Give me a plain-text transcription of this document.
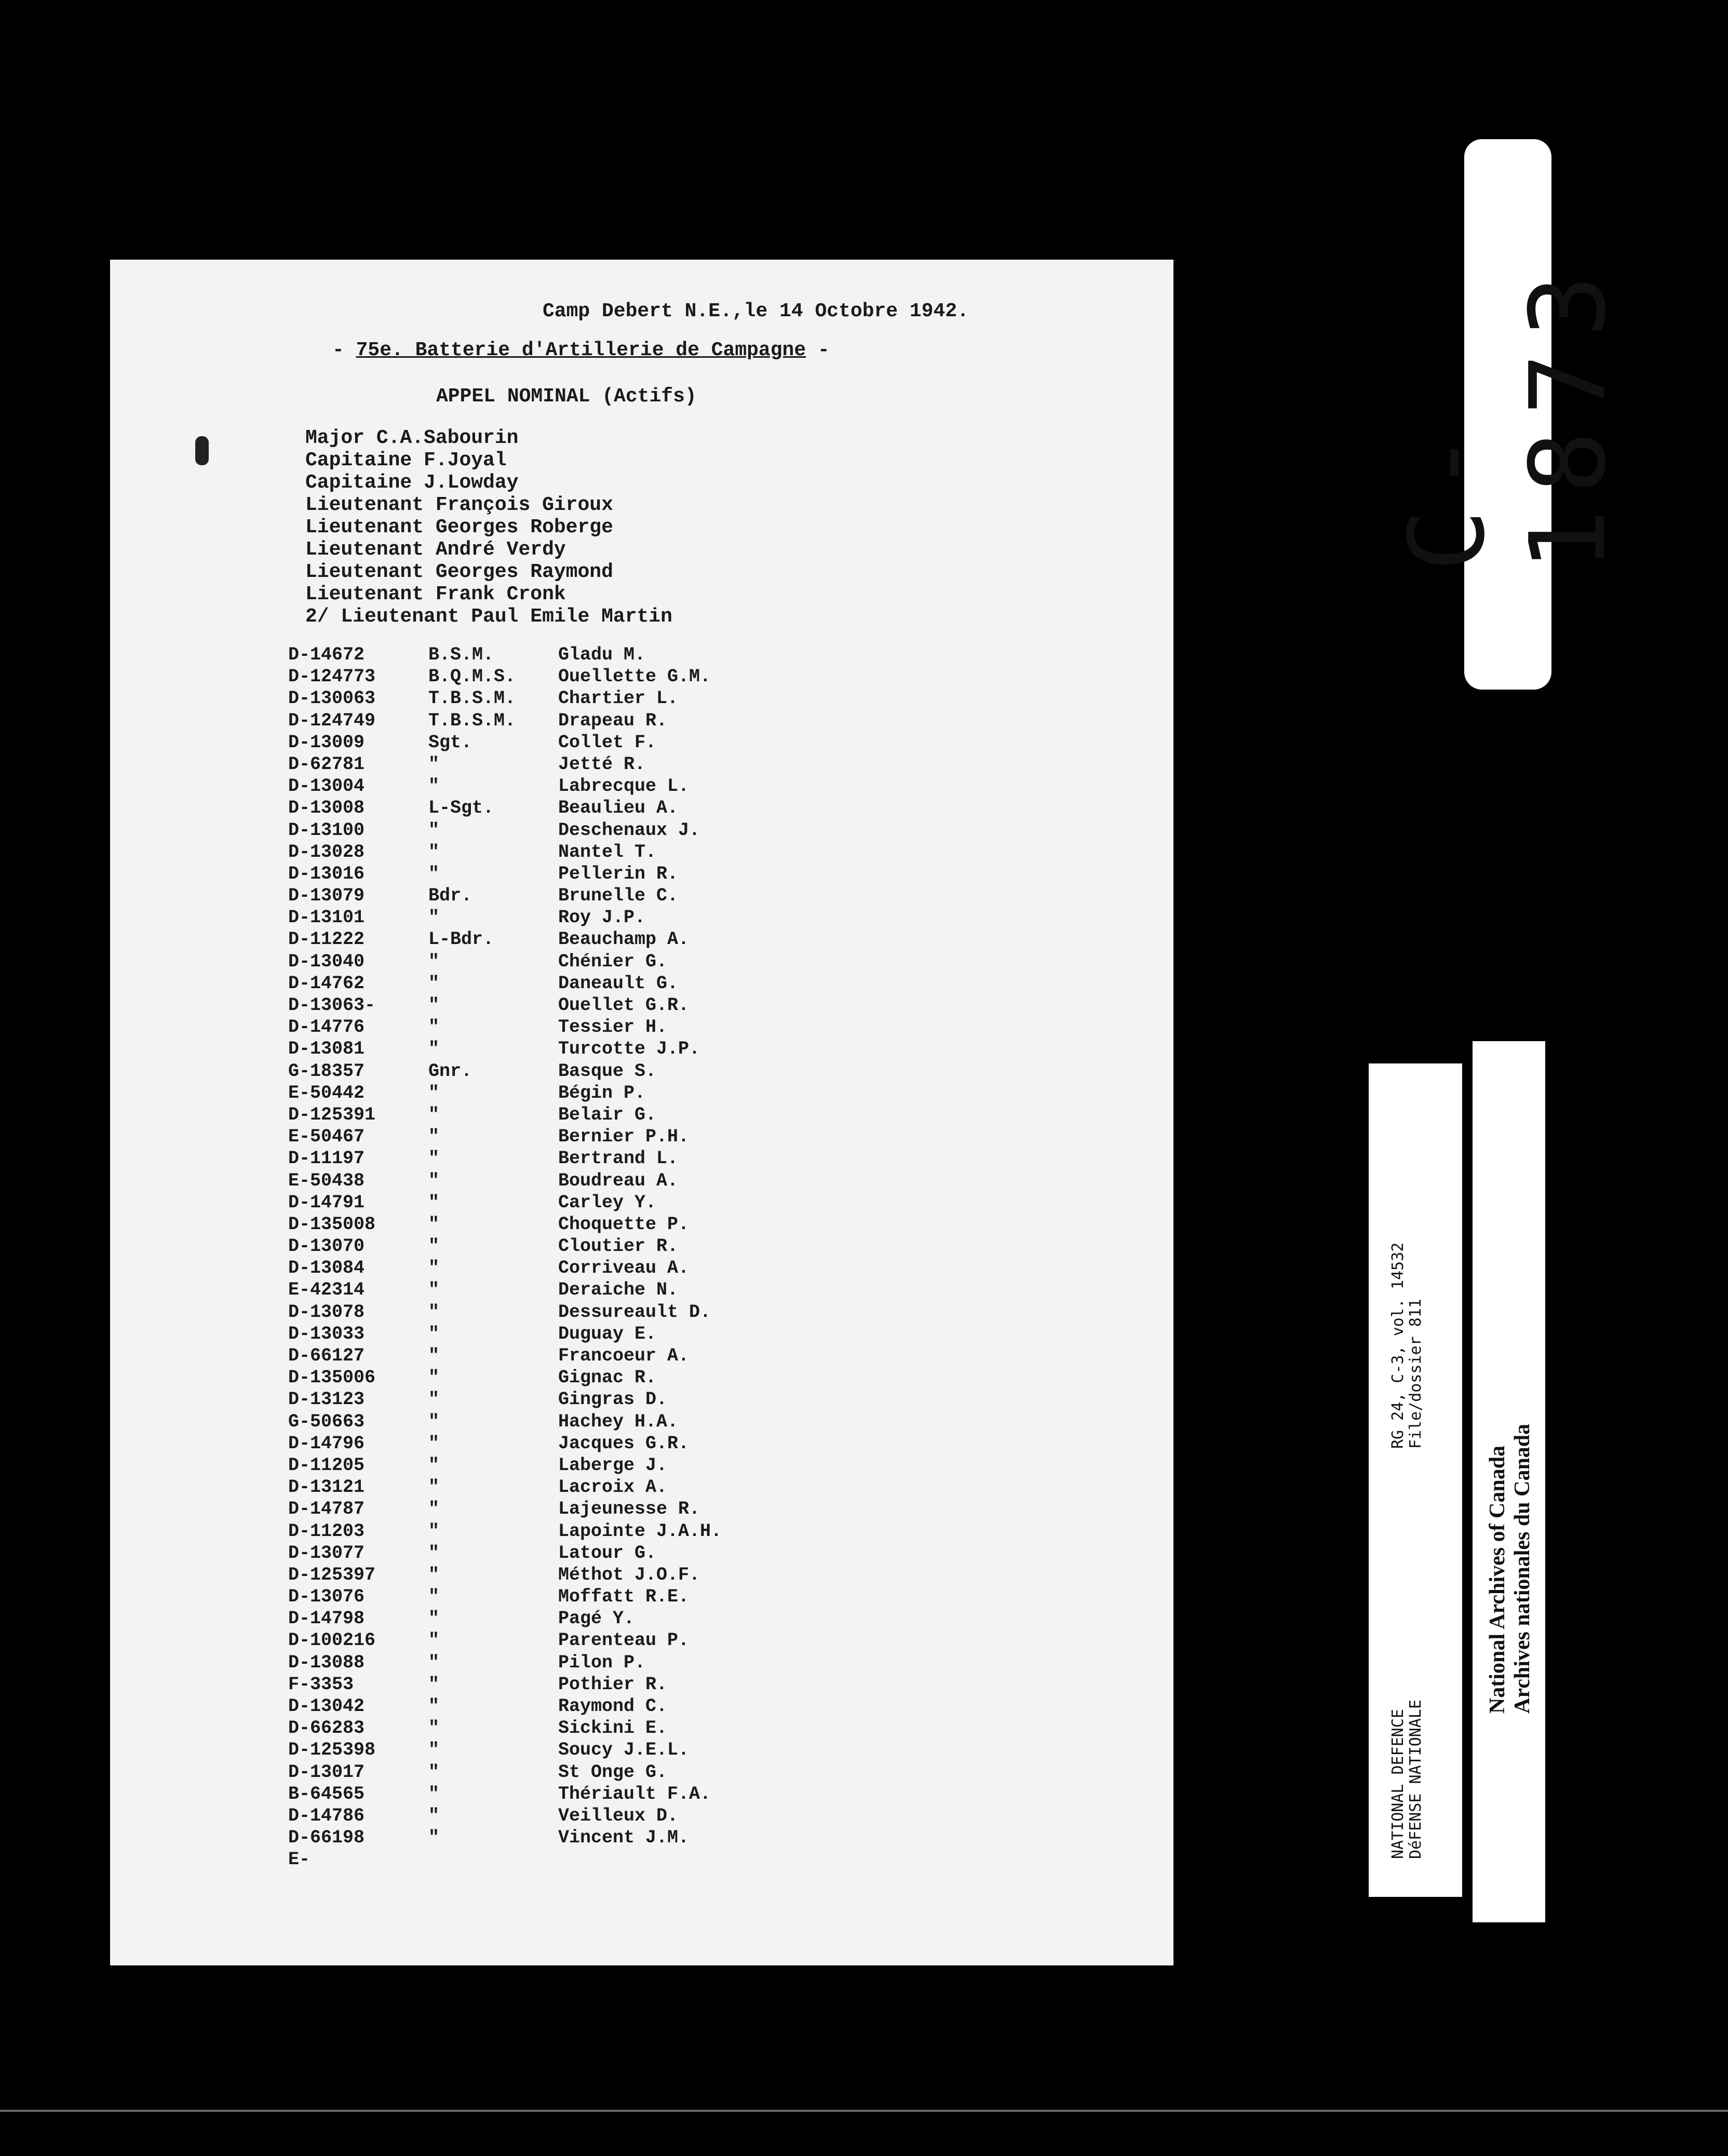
Camp Debert N.E.,le 14 Octobre 1942.
- 75e. Batterie d'Artillerie de Campagne -
APPEL NOMINAL (Actifs)
Major C.A.Sabourin
Capitaine F.Joyal
Capitaine J.Lowday
Lieutenant François Giroux
Lieutenant Georges Roberge
Lieutenant André Verdy
Lieutenant Georges Raymond
Lieutenant Frank Cronk
2/ Lieutenant Paul Emile Martin
D-14672	B.S.M.	Gladu M.
D-124773	B.Q.M.S. Ouellette G.M.
D-130063	T.B.S.M. Chartier L.
D-124749	T.B.S.M. Drapeau R.
D-13009	Sgt.	Collet F.
D-62781	"	Jetté R.
D-13004	"	Labrecque L.
D-13008	L-Sgt.	Beaulieu A.
D-13100	"	Deschenaux J.
D-13028	"	Nantel T.
D-13016	"	Pellerin R.
D-13079	Bdr.	Brunelle C.
D-13101	"	Roy J.P.
D-11222	L-Bdr.	Beauchamp A.
D-13040	"	Chénier G.
D-14762	"	Daneault G.
D-13063-	"	Ouellet G.R.
D-14776	"	Tessier H.
D-13081	"	Turcotte J.P.
G-18357	Gnr.	Basque S.
E-50442	"	Bégin P.
D-125391	"	Belair G.
E-50467	"	Bernier P.H.
D-11197	"	Bertrand L.
E-50438	"	Boudreau A.
D-14791	"	Carley Y.
D-135008	"	Choquette P.
D-13070	"	Cloutier R.
D-13084	"	Corriveau A.
E-42314	"	Deraiche N.
D-13078	"	Dessureault D.
D-13033	"	Duguay E.
D-66127	"	Francoeur A.
D-135006	"	Gignac R.
D-13123	"	Gingras D.
G-50663	"	Hachey H.A.
D-14796	"	Jacques G.R.
D-11205	"	Laberge J.
D-13121	"	Lacroix A.
D-14787	"	Lajeunesse R.
D-11203	"	Lapointe J.A.H.
D-13077	"	Latour G.
D-125397	"	Méthot J.O.F.
D-13076	"	Moffatt R.E.
D-14798	"	Pagé Y.
D-100216	"	Parenteau P.
D-13088	"	Pilon P.
F-3353	"	Pothier R.
D-13042	"	Raymond C.
D-66283	"	Sickini E.
D-125398	"	Soucy J.E.L.
D-13017	"	St Onge G.
B-64565	"	Thériault F.A.
D-14786	"	Veilleux D.
D-66198	"	Vincent J.M.
E-
C-1873
NATIONAL DEFENCE
DéFENSE NATIONALE
RG 24, C-3, vol. 14532
File/dossier 811
National Archives of Canada
Archives nationales du Canada
